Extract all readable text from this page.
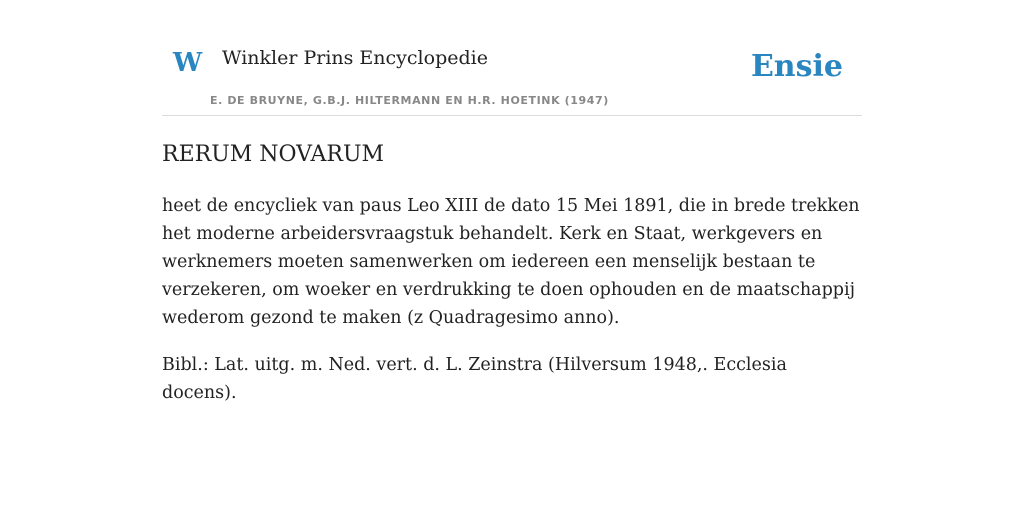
W Winkler Prins Encyclopedie
E. DE BRUYNE, G.B.J. HILTERMANN EN H.R. HOETINK (1947)
Ensie
RERUM NOVARUM

heet de encycliek van paus Leo XIII de dato 15 Mei 1891, die in brede trekken het moderne arbeidersvraagstuk behandelt. Kerk en Staat, werkgevers en werknemers moeten samenwerken om iedereen een menselijk bestaan te verzekeren, om woeker en verdrukking te doen ophouden en de maatschappij wederom gezond te maken (z Quadragesimo anno).

Bibl.: Lat. uitg. m. Ned. vert. d. L. Zeinstra (Hilversum 1948,. Ecclesia docens).
